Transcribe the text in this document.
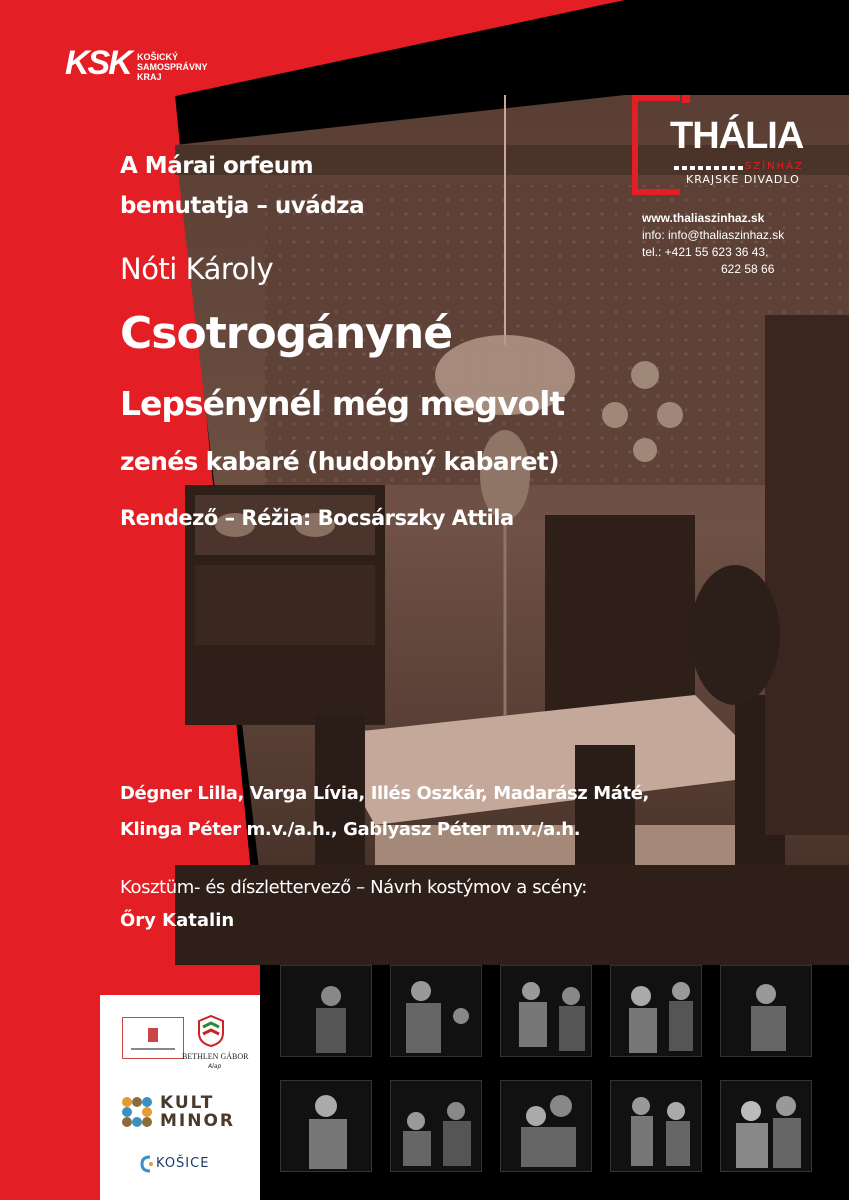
KSK KOŠICKÝ
SAMOSPRÁVNY
KRAJ
THÁLIA
SZÍNHÁZ
KRAJSKE DIVADLO
www.thaliaszinhaz.sk
info: info@thaliaszinhaz.sk
tel.: +421 55 623 36 43,
622 58 66
A Márai orfeum
bemutatja – uvádza
Nóti Károly
Csotrogányné
Lepsénynél még megvolt
zenés kabaré (hudobný kabaret)
Rendező – Réžia: Bocsárszky Attila
Dégner Lilla, Varga Lívia, Illés Oszkár, Madarász Máté,
Klinga Péter m.v./a.h., Gablyasz Péter m.v./a.h.
Kosztüm- és díszlettervező – Návrh kostýmov a scény:
Őry Katalin
BETHLEN GÁBOR
Alap
KULT
MINOR
KOŠICE
